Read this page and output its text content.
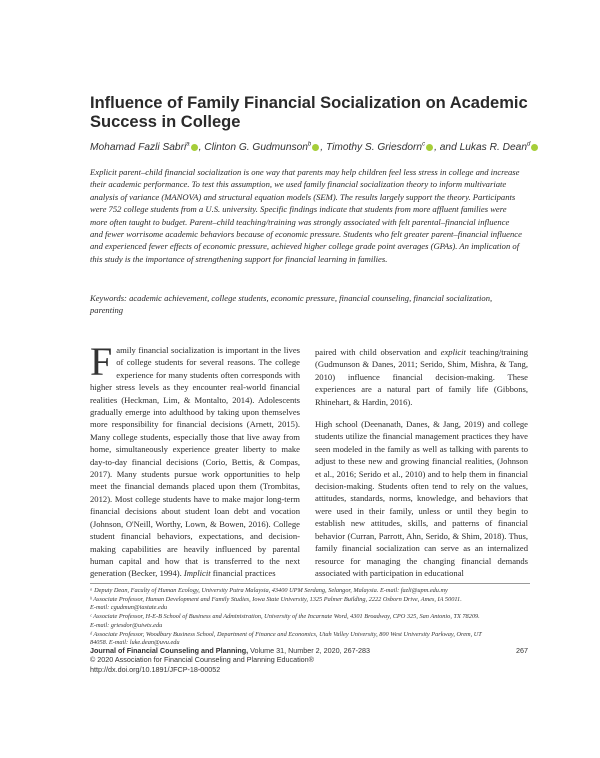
Influence of Family Financial Socialization on Academic Success in College
Mohamad Fazli Sabri$^a$ , Clinton G. Gudmunson$^b$ , Timothy S. Griesdorn$^c$ , and Lukas R. Dean$^d$

Explicit parent–child financial socialization is one way that parents may help children feel less stress in college and increase their academic performance. To test this assumption, we used family financial socialization theory to inform multivariate analysis of variance (MANOVA) and structural equation models (SEM). The results largely support the theory. Participants were 752 college students from a U.S. university. Specific findings indicate that students from more affluent families were more often taught to budget. Parent–child teaching/training was strongly associated with felt parental–financial influence and fewer worrisome academic behaviors because of economic pressure. Students who felt greater parent–financial influence and experienced fewer effects of economic pressure, achieved higher college grade point averages (GPAs). An implication of this study is the importance of strengthening support for financial learning in families.

Keywords: academic achievement, college students, economic pressure, financial counseling, financial socialization, parenting

Family financial socialization is important in the lives of college students for several reasons. The college experience for many students often corresponds with higher stress levels as they encounter real-world financial realities (Heckman, Lim, & Montalto, 2014). Adolescents gradually emerge into adulthood by taking upon themselves more responsibility for financial decisions (Arnett, 2015). Many college students, especially those that live away from home, simultaneously experience greater liberty to make day-to-day financial decisions (Corio, Bettis, & Compas, 2017). Many students pursue work opportunities to help meet the financial demands placed upon them (Trombitas, 2012). Most college students have to make major long-term financial decisions about student loan debt and vocation (Johnson, O'Neill, Worthy, Lown, & Bowen, 2016). College student financial behaviors, expectations, and decision-making capabilities are heavily influenced by parental human capital and how that is transferred to the next generation (Becker, 1994). Implicit financial practices

paired with child observation and explicit teaching/training (Gudmunson & Danes, 2011; Serido, Shim, Mishra, & Tang, 2010) influence financial decision-making. These experiences are a natural part of family life (Gibbons, Rhinehart, & Hardin, 2016).

High school (Deenanath, Danes, & Jang, 2019) and college students utilize the financial management practices they have seen modeled in the family as well as talking with parents to adjust to these new and growing financial realities, (Johnson et al., 2016; Serido et al., 2010) and to help them in financial decision-making. Students often tend to rely on the values, attitudes, standards, norms, knowledge, and behaviors that were used in their family, unless or until they begin to establish new attitudes, skills, and patterns of financial behavior (Curran, Parrott, Ahn, Serido, & Shim, 2018). Thus, family financial socialization can serve as an internalized resource for managing the changing financial demands associated with participation in educational

ᵃ Deputy Dean, Faculty of Human Ecology, University Putra Malaysia, 43400 UPM Serdang, Selangor, Malaysia. E-mail: fazli@upm.edu.my
ᵇ Associate Professor, Human Development and Family Studies, Iowa State University, 1325 Palmer Building, 2222 Osborn Drive, Ames, IA 50011.
E-mail: cgudmun@iastate.edu
ᶜ Associate Professor, H-E-B School of Business and Administration, University of the Incarnate Word, 4301 Broadway, CPO 325, San Antonio, TX 78209.
E-mail: griesdor@uiwtx.edu
ᵈ Associate Professor, Woodbury Business School, Department of Finance and Economics, Utah Valley University, 800 West University Parkway, Orem, UT
84058. E-mail: luke.dean@uvu.edu
Journal of Financial Counseling and Planning, Volume 31, Number 2, 2020, 267-283
© 2020 Association for Financial Counseling and Planning Education®
http://dx.doi.org/10.1891/JFCP-18-00052
267
